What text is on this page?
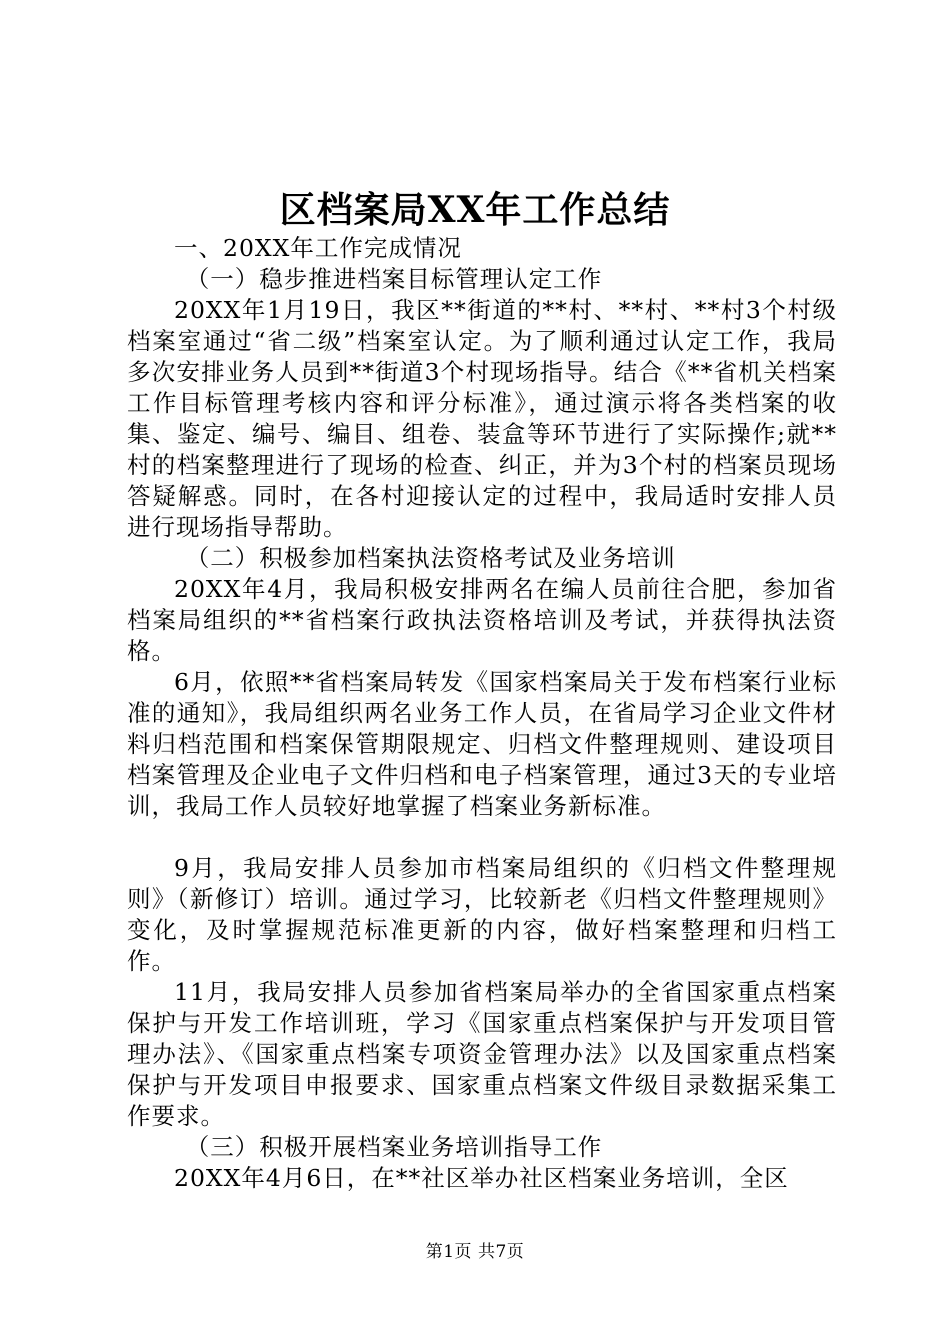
区档案局XX年工作总结

一、20XX年工作完成情况

（一）稳步推进档案目标管理认定工作

20XX年1月19日，我区**街道的**村、**村、**村3个村级档案室通过“省二级”档案室认定。为了顺利通过认定工作，我局多次安排业务人员到**街道3个村现场指导。结合《**省机关档案工作目标管理考核内容和评分标准》，通过演示将各类档案的收集、鉴定、编号、编目、组卷、装盒等环节进行了实际操作;就**村的档案整理进行了现场的检查、纠正，并为3个村的档案员现场答疑解惑。同时，在各村迎接认定的过程中，我局适时安排人员进行现场指导帮助。

（二）积极参加档案执法资格考试及业务培训

20XX年4月，我局积极安排两名在编人员前往合肥，参加省档案局组织的**省档案行政执法资格培训及考试，并获得执法资格。

6月，依照**省档案局转发《国家档案局关于发布档案行业标准的通知》，我局组织两名业务工作人员，在省局学习企业文件材料归档范围和档案保管期限规定、归档文件整理规则、建设项目档案管理及企业电子文件归档和电子档案管理，通过3天的专业培训，我局工作人员较好地掌握了档案业务新标准。

9月，我局安排人员参加市档案局组织的《归档文件整理规则》（新修订）培训。通过学习，比较新老《归档文件整理规则》变化，及时掌握规范标准更新的内容，做好档案整理和归档工作。

11月，我局安排人员参加省档案局举办的全省国家重点档案保护与开发工作培训班，学习《国家重点档案保护与开发项目管理办法》、《国家重点档案专项资金管理办法》以及国家重点档案保护与开发项目申报要求、国家重点档案文件级目录数据采集工作要求。

（三）积极开展档案业务培训指导工作

20XX年4月6日，在**社区举办社区档案业务培训，全区

第1页 共7页
